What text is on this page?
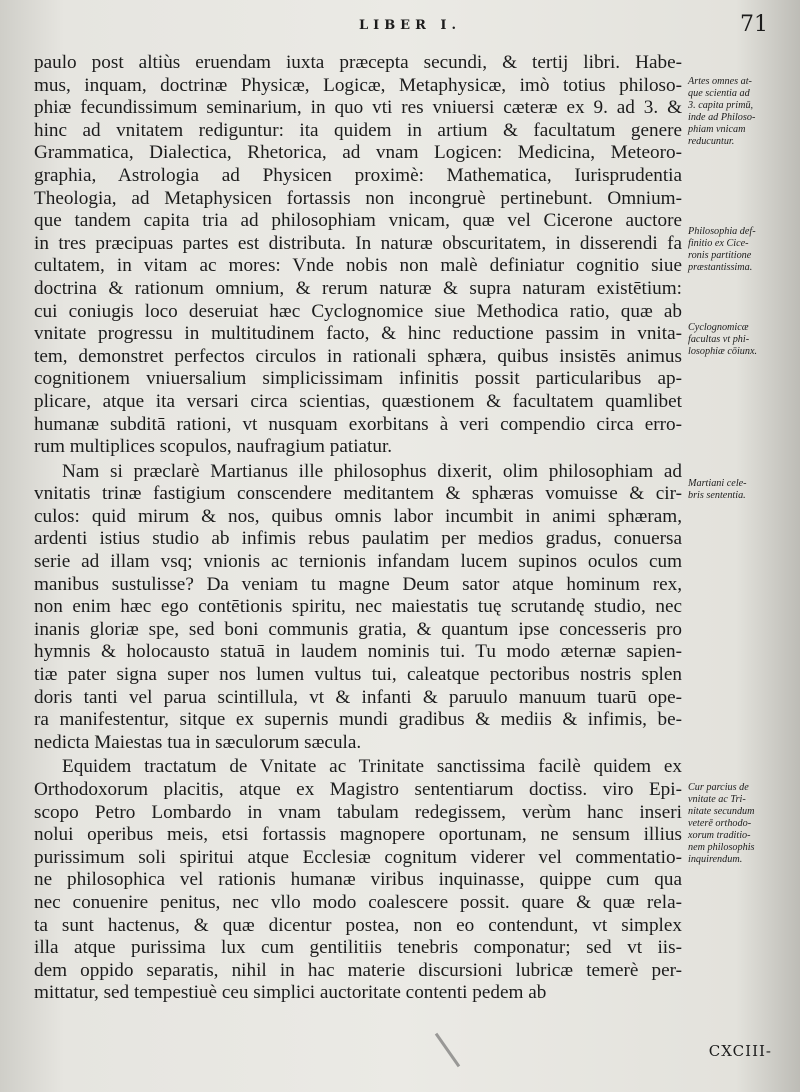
LIBER I.	71
paulo post altiùs eruendam iuxta præcepta secundi, & tertij libri. Habe-
mus, inquam, doctrinæ Physicæ, Logicæ, Metaphysicæ, imò totius philoso-
phiæ fecundissimum seminarium, in quo vti res vniuersi cæteræ ex 9. ad 3. &
hinc ad vnitatem rediguntur: ita quidem in artium & facultatum genere
Grammatica, Dialectica, Rhetorica, ad vnam Logicen: Medicina, Meteoro-
graphia, Astrologia ad Physicen proximè: Mathematica, Iurisprudentia
Theologia, ad Metaphysicen fortassis non incongruè pertinebunt. Omnium-
que tandem capita tria ad philosophiam vnicam, quæ vel Cicerone auctore
in tres præcipuas partes est distributa. In naturæ obscuritatem, in disserendi fa
cultatem, in vitam ac mores: Vnde nobis non malè definiatur cognitio siue
doctrina & rationum omnium, & rerum naturæ & supra naturam existētium:
cui coniugis loco deseruiat hæc Cyclognomice siue Methodica ratio, quæ ab
vnitate progressu in multitudinem facto, & hinc reductione passim in vnita-
tem, demonstret perfectos circulos in rationali sphæra, quibus insistēs animus
cognitionem vniuersalium simplicissimam infinitis possit particularibus ap-
plicare, atque ita versari circa scientias, quæstionem & facultatem quamlibet
humanæ subditā rationi, vt nusquam exorbitans à veri compendio circa erro-
rum multiplices scopulos, naufragium patiatur.
Nam si præclarè Martianus ille philosophus dixerit, olim philosophiam ad
vnitatis trinæ fastigium conscendere meditantem & sphæras vomuisse & cir-
culos: quid mirum & nos, quibus omnis labor incumbit in animi sphæram,
ardenti istius studio ab infimis rebus paulatim per medios gradus, conuersa
serie ad illam vsq; vnionis ac ternionis infandam lucem supinos oculos cum
manibus sustulisse? Da veniam tu magne Deum sator atque hominum rex,
non enim hæc ego contētionis spiritu, nec maiestatis tuę scrutandę studio, nec
inanis gloriæ spe, sed boni communis gratia, & quantum ipse concesseris pro
hymnis & holocausto statuā in laudem nominis tui. Tu modo æternæ sapien-
tiæ pater signa super nos lumen vultus tui, caleatque pectoribus nostris splen
doris tanti vel parua scintillula, vt & infanti & paruulo manuum tuarū ope-
ra manifestentur, sitque ex supernis mundi gradibus & mediis & infimis, be-
nedicta Maiestas tua in sæculorum sæcula.
Equidem tractatum de Vnitate ac Trinitate sanctissima facilè quidem ex
Orthodoxorum placitis, atque ex Magistro sententiarum doctiss. viro Epi-
scopo Petro Lombardo in vnam tabulam redegissem, verùm hanc inseri
nolui operibus meis, etsi fortassis magnopere oportunam, ne sensum illius
purissimum soli spiritui atque Ecclesiæ cognitum viderer vel commentatio-
ne philosophica vel rationis humanæ viribus inquinasse, quippe cum qua
nec conuenire penitus, nec vllo modo coalescere possit. quare & quæ rela-
ta sunt hactenus, & quæ dicentur postea, non eo contendunt, vt simplex
illa atque purissima lux cum gentilitiis tenebris componatur; sed vt iis-
dem oppido separatis, nihil in hac materie discursioni lubricæ temerè per-
mittatur, sed tempestiuè ceu simplici auctoritate contenti pedem ab
Artes omnes at-
que scientia ad
3. capita primū,
inde ad Philoso-
phiam vnicam
reducuntur.
Philosophia def-
finitio ex Cice-
ronis partitione
præstantissima.
Cyclognomicæ
facultas vt phi-
losophiæ cōiunx.
Martiani cele-
bris sententia.
Cur parcius de
vnitate ac Tri-
nitate secundum
veterē orthodo-
xorum traditio-
nem philosophis
inquirendum.
CXCIII-
